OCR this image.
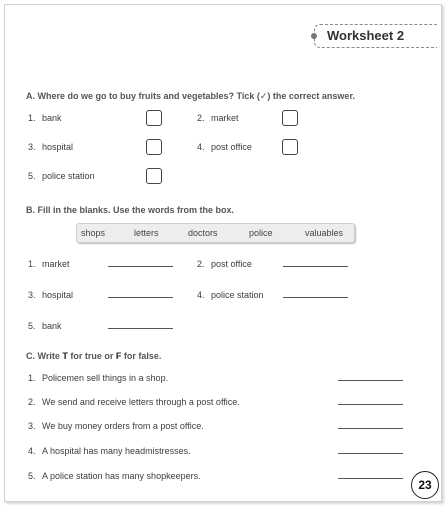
Worksheet 2
A. Where do we go to buy fruits and vegetables? Tick (✓) the correct answer.
1. bank	2. market
3. hospital	4. post office
5. police station
B. Fill in the blanks. Use the words from the box.
shops	letters	doctors	police	valuables
1. market	2. post office
3. hospital	4. police station
5. bank
C. Write T for true or F for false.
1. Policemen sell things in a shop.
2. We send and receive letters through a post office.
3. We buy money orders from a post office.
4. A hospital has many headmistresses.
5. A police station has many shopkeepers.
23
